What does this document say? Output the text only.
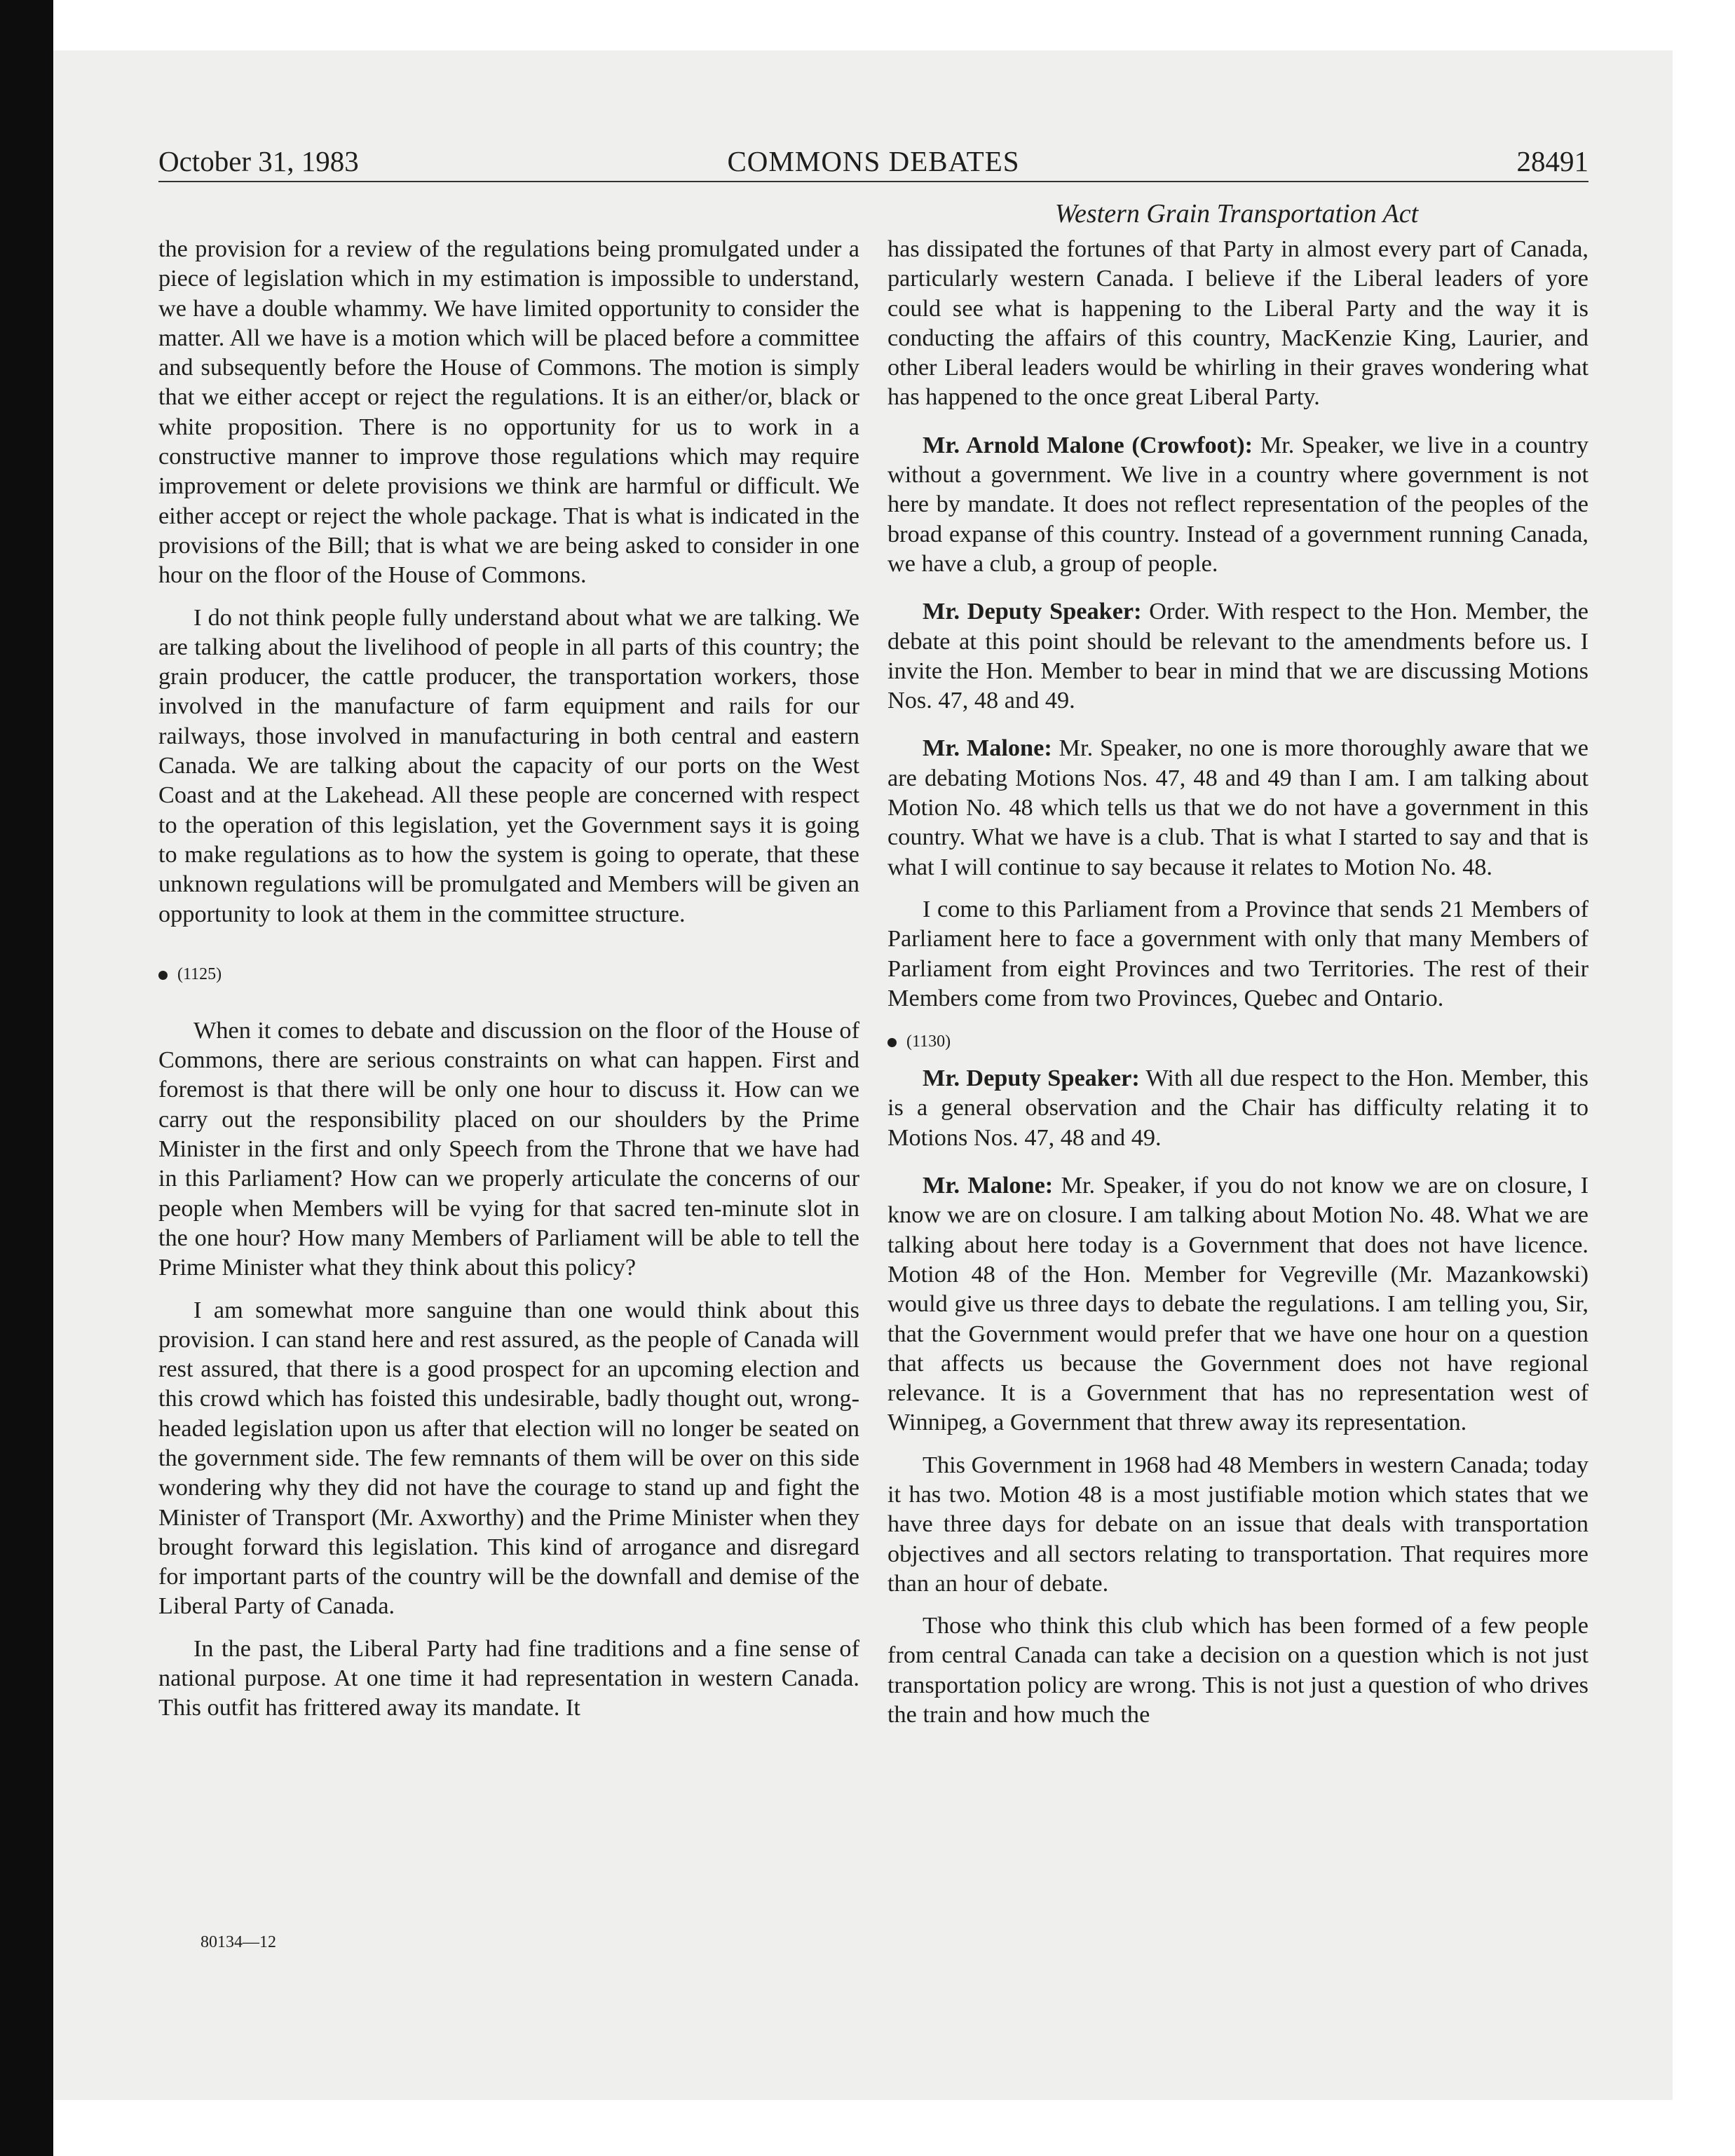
October 31, 1983	COMMONS DEBATES	28491
Western Grain Transportation Act

the provision for a review of the regulations being promulgated under a piece of legislation which in my estimation is impossible to understand, we have a double whammy. We have limited opportunity to consider the matter. All we have is a motion which will be placed before a committee and subsequently before the House of Commons. The motion is simply that we either accept or reject the regulations. It is an either/or, black or white proposition. There is no opportunity for us to work in a constructive manner to improve those regulations which may require improvement or delete provisions we think are harmful or difficult. We either accept or reject the whole package. That is what is indicated in the provisions of the Bill; that is what we are being asked to consider in one hour on the floor of the House of Commons.

I do not think people fully understand about what we are talking. We are talking about the livelihood of people in all parts of this country; the grain producer, the cattle producer, the transportation workers, those involved in the manufacture of farm equipment and rails for our railways, those involved in manufacturing in both central and eastern Canada. We are talking about the capacity of our ports on the West Coast and at the Lakehead. All these people are concerned with respect to the operation of this legislation, yet the Government says it is going to make regulations as to how the system is going to operate, that these unknown regulations will be promulgated and Members will be given an opportunity to look at them in the committee structure.

(1125)

When it comes to debate and discussion on the floor of the House of Commons, there are serious constraints on what can happen. First and foremost is that there will be only one hour to discuss it. How can we carry out the responsibility placed on our shoulders by the Prime Minister in the first and only Speech from the Throne that we have had in this Parliament? How can we properly articulate the concerns of our people when Members will be vying for that sacred ten-minute slot in the one hour? How many Members of Parliament will be able to tell the Prime Minister what they think about this policy?

I am somewhat more sanguine than one would think about this provision. I can stand here and rest assured, as the people of Canada will rest assured, that there is a good prospect for an upcoming election and this crowd which has foisted this undesirable, badly thought out, wrong-headed legislation upon us after that election will no longer be seated on the government side. The few remnants of them will be over on this side wondering why they did not have the courage to stand up and fight the Minister of Transport (Mr. Axworthy) and the Prime Minister when they brought forward this legislation. This kind of arrogance and disregard for important parts of the country will be the downfall and demise of the Liberal Party of Canada.

In the past, the Liberal Party had fine traditions and a fine sense of national purpose. At one time it had representation in western Canada. This outfit has frittered away its mandate. It

has dissipated the fortunes of that Party in almost every part of Canada, particularly western Canada. I believe if the Liberal leaders of yore could see what is happening to the Liberal Party and the way it is conducting the affairs of this country, MacKenzie King, Laurier, and other Liberal leaders would be whirling in their graves wondering what has happened to the once great Liberal Party.

Mr. Arnold Malone (Crowfoot): Mr. Speaker, we live in a country without a government. We live in a country where government is not here by mandate. It does not reflect representation of the peoples of the broad expanse of this country. Instead of a government running Canada, we have a club, a group of people.

Mr. Deputy Speaker: Order. With respect to the Hon. Member, the debate at this point should be relevant to the amendments before us. I invite the Hon. Member to bear in mind that we are discussing Motions Nos. 47, 48 and 49.

Mr. Malone: Mr. Speaker, no one is more thoroughly aware that we are debating Motions Nos. 47, 48 and 49 than I am. I am talking about Motion No. 48 which tells us that we do not have a government in this country. What we have is a club. That is what I started to say and that is what I will continue to say because it relates to Motion No. 48.

I come to this Parliament from a Province that sends 21 Members of Parliament here to face a government with only that many Members of Parliament from eight Provinces and two Territories. The rest of their Members come from two Provinces, Quebec and Ontario.

(1130)

Mr. Deputy Speaker: With all due respect to the Hon. Member, this is a general observation and the Chair has difficulty relating it to Motions Nos. 47, 48 and 49.

Mr. Malone: Mr. Speaker, if you do not know we are on closure, I know we are on closure. I am talking about Motion No. 48. What we are talking about here today is a Government that does not have licence. Motion 48 of the Hon. Member for Vegreville (Mr. Mazankowski) would give us three days to debate the regulations. I am telling you, Sir, that the Government would prefer that we have one hour on a question that affects us because the Government does not have regional relevance. It is a Government that has no representation west of Winnipeg, a Government that threw away its representation.

This Government in 1968 had 48 Members in western Canada; today it has two. Motion 48 is a most justifiable motion which states that we have three days for debate on an issue that deals with transportation objectives and all sectors relating to transportation. That requires more than an hour of debate.

Those who think this club which has been formed of a few people from central Canada can take a decision on a question which is not just transportation policy are wrong. This is not just a question of who drives the train and how much the

80134—12
